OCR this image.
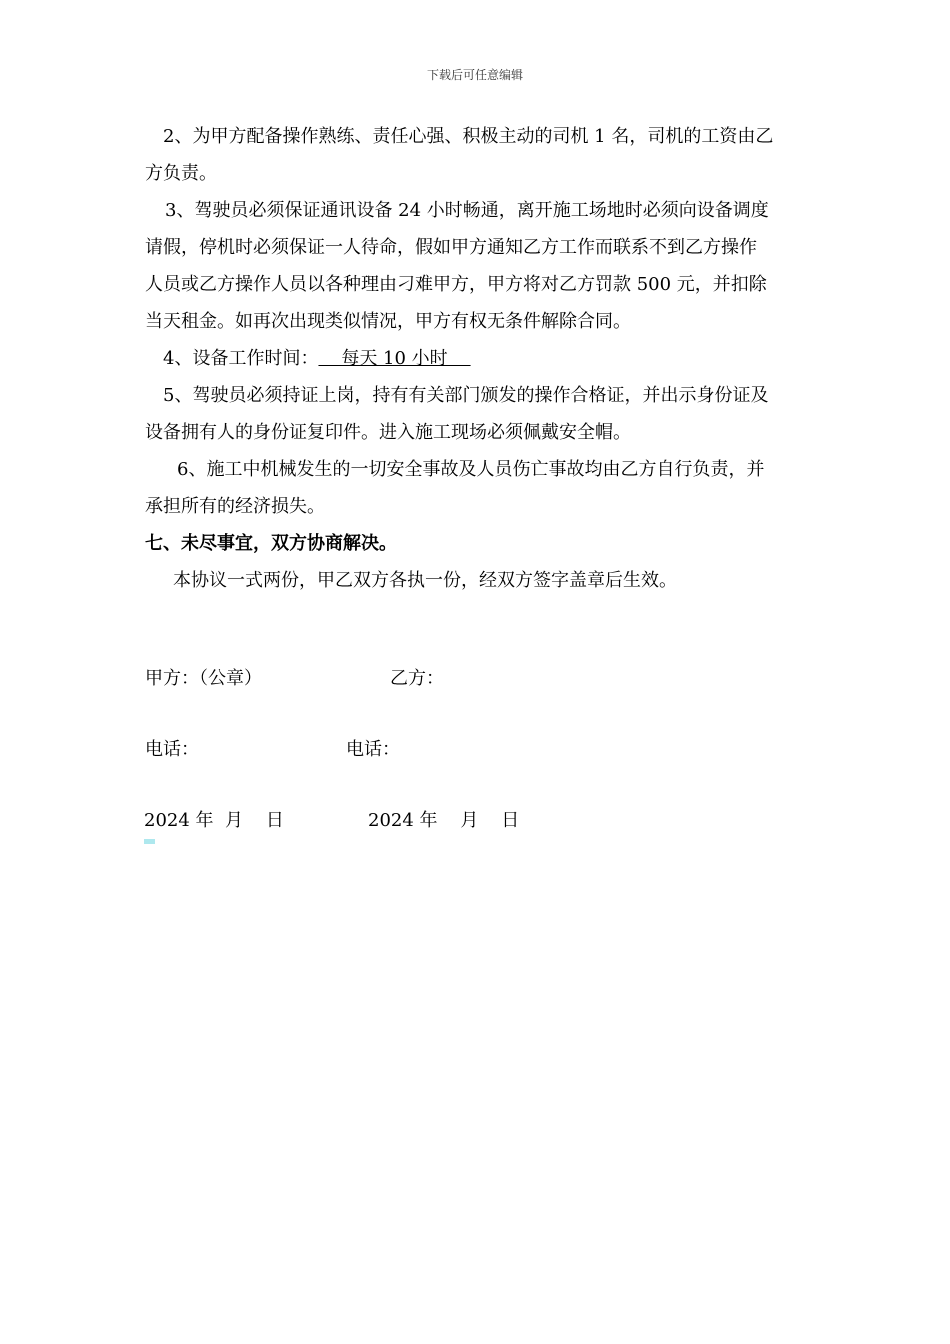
下载后可任意编辑
2、为甲方配备操作熟练、责任心强、积极主动的司机 1 名，司机的工资由乙
方负责。
3、驾驶员必须保证通讯设备 24 小时畅通，离开施工场地时必须向设备调度
请假，停机时必须保证一人待命，假如甲方通知乙方工作而联系不到乙方操作
人员或乙方操作人员以各种理由刁难甲方，甲方将对乙方罚款 500 元，并扣除
当天租金。如再次出现类似情况，甲方有权无条件解除合同。
4、设备工作时间：    每天 10 小时
5、驾驶员必须持证上岗，持有有关部门颁发的操作合格证，并出示身份证及
设备拥有人的身份证复印件。进入施工现场必须佩戴安全帽。
6、施工中机械发生的一切安全事故及人员伤亡事故均由乙方自行负责，并
承担所有的经济损失。
七、未尽事宜，双方协商解决。
本协议一式两份，甲乙双方各执一份，经双方签字盖章后生效。
甲方：（公章）	乙方：
电话：	电话：
2024 年  月    日	2024 年    月    日
